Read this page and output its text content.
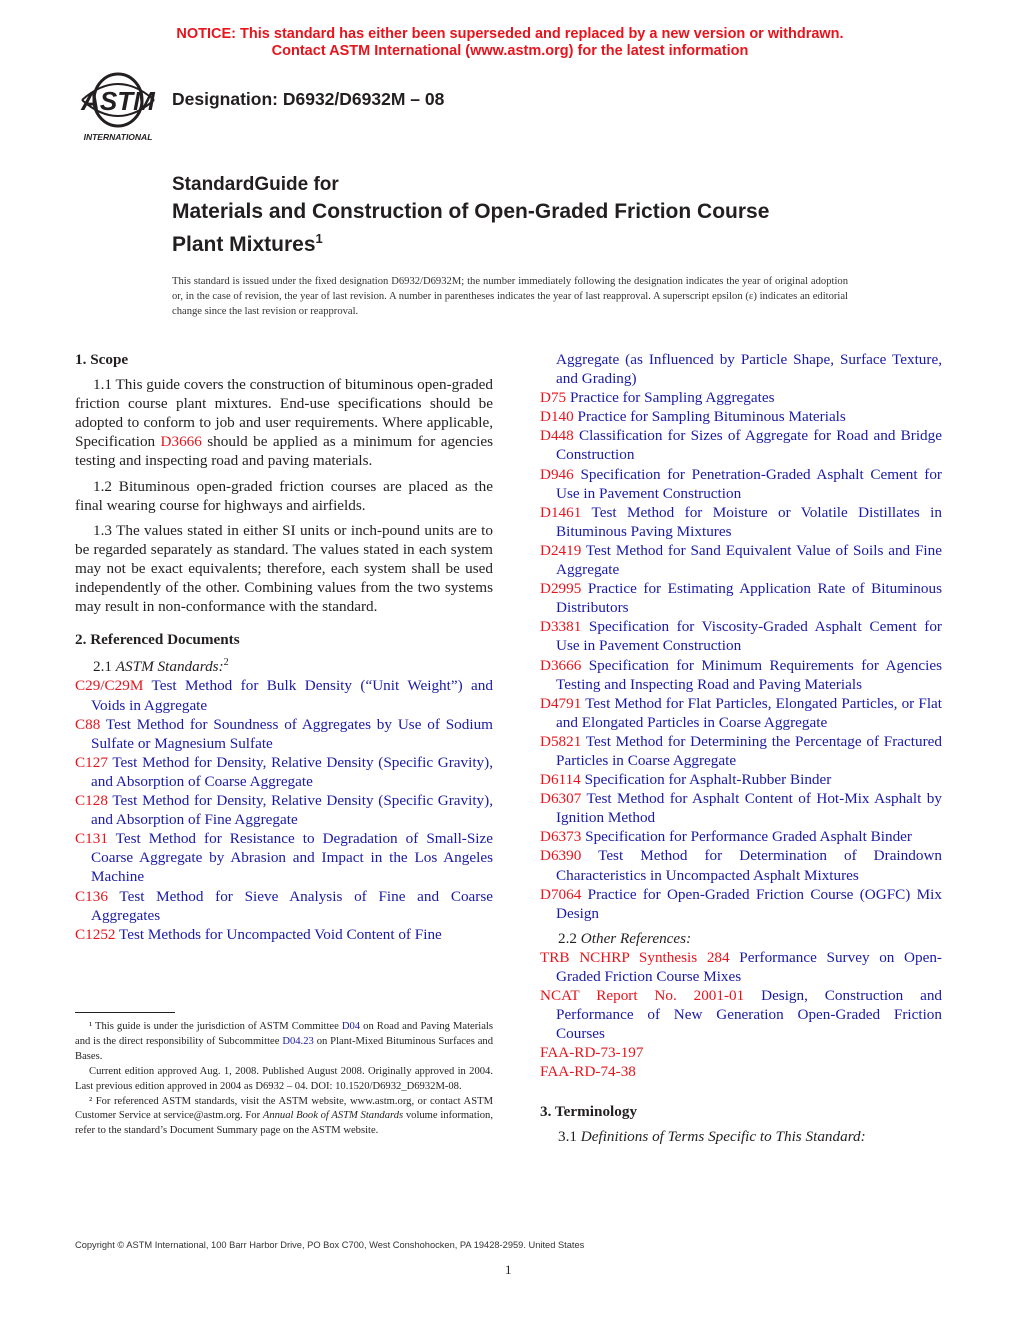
NOTICE: This standard has either been superseded and replaced by a new version or withdrawn.
Contact ASTM International (www.astm.org) for the latest information
ASTM
INTERNATIONAL
Designation: D6932/D6932M – 08
StandardGuide for
Materials and Construction of Open-Graded Friction Course
Plant Mixtures$^1$
This standard is issued under the fixed designation D6932/D6932M; the number immediately following the designation indicates the year of original adoption or, in the case of revision, the year of last revision. A number in parentheses indicates the year of last reapproval. A superscript epsilon (ε) indicates an editorial change since the last revision or reapproval.

1. Scope

1.1 This guide covers the construction of bituminous open-graded friction course plant mixtures. End-use specifications should be adopted to conform to job and user requirements. Where applicable, Specification D3666 should be applied as a minimum for agencies testing and inspecting road and paving materials.

1.2 Bituminous open-graded friction courses are placed as the final wearing course for highways and airfields.

1.3 The values stated in either SI units or inch-pound units are to be regarded separately as standard. The values stated in each system may not be exact equivalents; therefore, each system shall be used independently of the other. Combining values from the two systems may result in non-conformance with the standard.

2. Referenced Documents

2.1 ASTM Standards:$^2$

C29/C29M Test Method for Bulk Density (“Unit Weight”) and Voids in Aggregate

C88 Test Method for Soundness of Aggregates by Use of Sodium Sulfate or Magnesium Sulfate

C127 Test Method for Density, Relative Density (Specific Gravity), and Absorption of Coarse Aggregate

C128 Test Method for Density, Relative Density (Specific Gravity), and Absorption of Fine Aggregate

C131 Test Method for Resistance to Degradation of Small-Size Coarse Aggregate by Abrasion and Impact in the Los Angeles Machine

C136 Test Method for Sieve Analysis of Fine and Coarse Aggregates

C1252 Test Methods for Uncompacted Void Content of Fine

Aggregate (as Influenced by Particle Shape, Surface Texture, and Grading)

D75 Practice for Sampling Aggregates

D140 Practice for Sampling Bituminous Materials

D448 Classification for Sizes of Aggregate for Road and Bridge Construction

D946 Specification for Penetration-Graded Asphalt Cement for Use in Pavement Construction

D1461 Test Method for Moisture or Volatile Distillates in Bituminous Paving Mixtures

D2419 Test Method for Sand Equivalent Value of Soils and Fine Aggregate

D2995 Practice for Estimating Application Rate of Bituminous Distributors

D3381 Specification for Viscosity-Graded Asphalt Cement for Use in Pavement Construction

D3666 Specification for Minimum Requirements for Agencies Testing and Inspecting Road and Paving Materials

D4791 Test Method for Flat Particles, Elongated Particles, or Flat and Elongated Particles in Coarse Aggregate

D5821 Test Method for Determining the Percentage of Fractured Particles in Coarse Aggregate

D6114 Specification for Asphalt-Rubber Binder

D6307 Test Method for Asphalt Content of Hot-Mix Asphalt by Ignition Method

D6373 Specification for Performance Graded Asphalt Binder

D6390 Test Method for Determination of Draindown Characteristics in Uncompacted Asphalt Mixtures

D7064 Practice for Open-Graded Friction Course (OGFC) Mix Design

2.2 Other References:

TRB NCHRP Synthesis 284 Performance Survey on Open-Graded Friction Course Mixes

NCAT Report No. 2001-01 Design, Construction and Performance of New Generation Open-Graded Friction Courses

FAA-RD-73-197

FAA-RD-74-38

3. Terminology

3.1 Definitions of Terms Specific to This Standard:

¹ This guide is under the jurisdiction of ASTM Committee D04 on Road and Paving Materials and is the direct responsibility of Subcommittee D04.23 on Plant-Mixed Bituminous Surfaces and Bases.

Current edition approved Aug. 1, 2008. Published August 2008. Originally approved in 2004. Last previous edition approved in 2004 as D6932 – 04. DOI: 10.1520/D6932_D6932M-08.

² For referenced ASTM standards, visit the ASTM website, www.astm.org, or contact ASTM Customer Service at service@astm.org. For Annual Book of ASTM Standards volume information, refer to the standard’s Document Summary page on the ASTM website.

Copyright © ASTM International, 100 Barr Harbor Drive, PO Box C700, West Conshohocken, PA 19428-2959. United States
1
